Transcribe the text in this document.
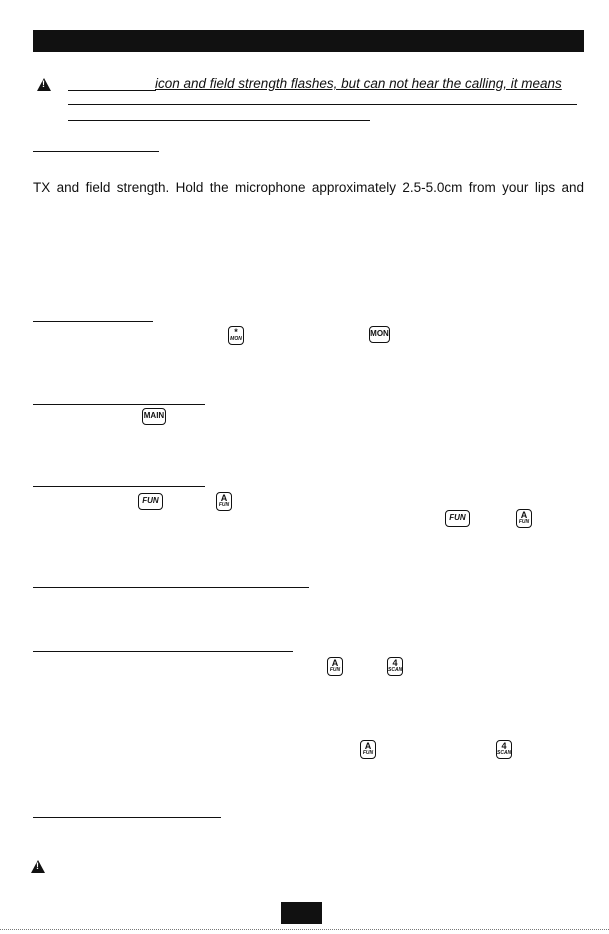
!
icon and field strength flashes, but can not hear the calling, it means
TX and field strength. Hold the microphone approximately 2.5-5.0cm from your lips and
*
MON
MON
MAIN
FUN	A
FUN
FUN	A
FUN
A
FUN
4
SCAN
A
FUN
4
SCAN
!
